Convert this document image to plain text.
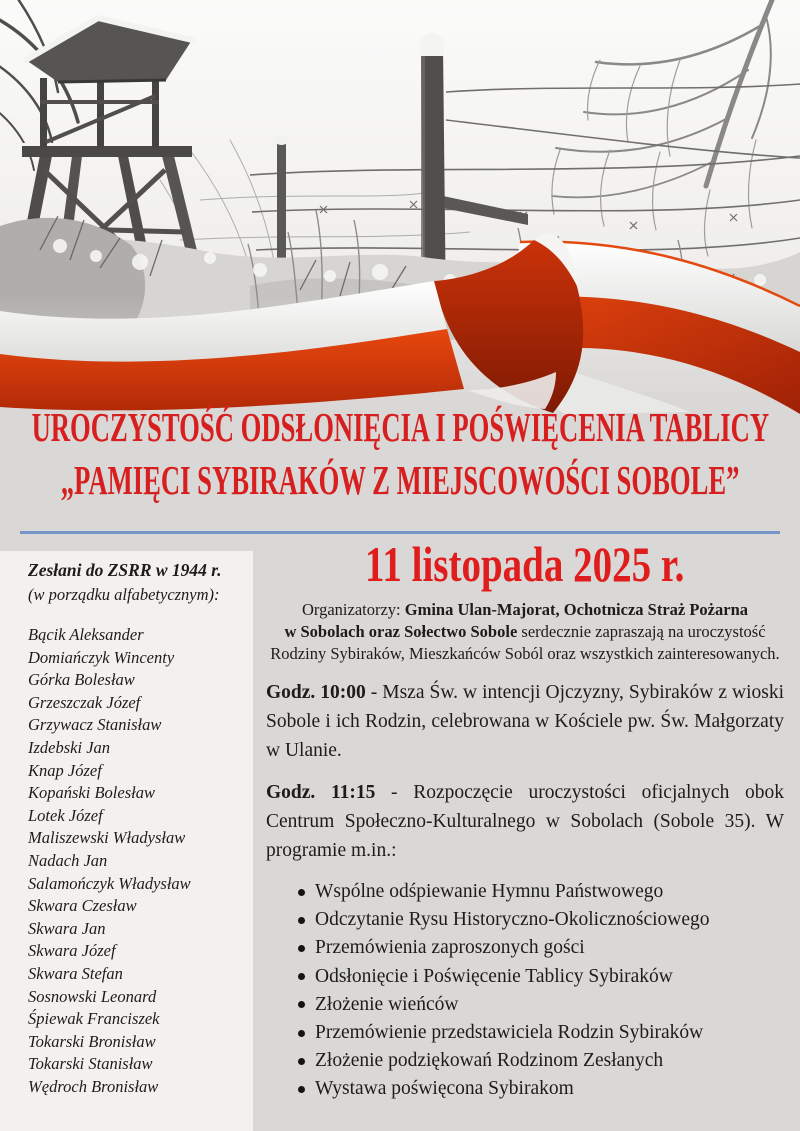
UROCZYSTOŚĆ ODSŁONIĘCIA I POŚWIĘCENIA TABLICY
„PAMIĘCI SYBIRAKÓW Z MIEJSCOWOŚCI SOBOLE”
Zesłani do ZSRR w 1944 r.
(w porządku alfabetycznym):
Bącik Aleksander
Domiańczyk Wincenty
Górka Bolesław
Grzeszczak Józef
Grzywacz Stanisław
Izdebski Jan
Knap Józef
Kopański Bolesław
Lotek Józef
Maliszewski Władysław
Nadach Jan
Salamończyk Władysław
Skwara Czesław
Skwara Jan
Skwara Józef
Skwara Stefan
Sosnowski Leonard
Śpiewak Franciszek
Tokarski Bronisław
Tokarski Stanisław
Wędroch Bronisław
11 listopada 2025 r.
Organizatorzy: Gmina Ulan-Majorat, Ochotnicza Straż Pożarna
w Sobolach oraz Sołectwo Sobole serdecznie zapraszają na uroczystość
Rodziny Sybiraków, Mieszkańców Soból oraz wszystkich zainteresowanych.

Godz. 10:00 - Msza Św. w intencji Ojczyzny, Sybiraków z wioski Sobole i ich Rodzin, celebrowana w Kościele pw. Św. Małgorzaty w Ulanie.

Godz. 11:15 - Rozpoczęcie uroczystości oficjalnych obok Centrum Społeczno-Kulturalnego w Sobolach (Sobole 35). W programie m.in.:

Wspólne odśpiewanie Hymnu Państwowego
Odczytanie Rysu Historyczno-Okolicznościowego
Przemówienia zaproszonych gości
Odsłonięcie i Poświęcenie Tablicy Sybiraków
Złożenie wieńców
Przemówienie przedstawiciela Rodzin Sybiraków
Złożenie podziękowań Rodzinom Zesłanych
Wystawa poświęcona Sybirakom
